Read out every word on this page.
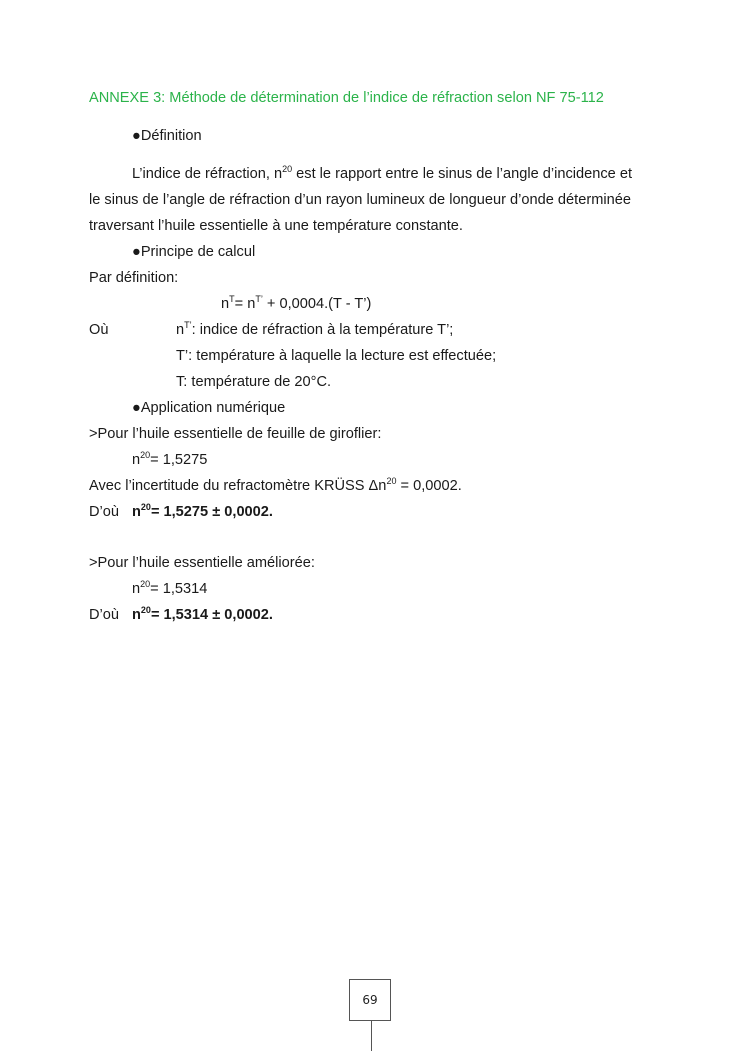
ANNEXE 3: Méthode de détermination de l’indice de réfraction selon NF 75-112
●Définition
L’indice de réfraction, $n^{20}$ est le rapport entre le sinus de l’angle d’incidence et
le sinus de l’angle de réfraction d’un rayon lumineux de longueur d’onde déterminée
traversant l’huile essentielle à une température constante.
●Principe de calcul
Par définition:
$n^T= n^{T’} + 0,0004.(T$ - T’)
Où	$n^{T’}$: indice de réfraction à la température T’;
T’: température à laquelle la lecture est effectuée;
T: température de 20°C.
●Application numérique
>Pour l’huile essentielle de feuille de giroflier:
$n^{20}= 1,5275$
Avec l’incertitude du refractomètre KRÜSS $\Delta n^{20} = 0,0002$.
D’où $n^{20}= 1,5275 \pm 0,0002$.
>Pour l’huile essentielle améliorée:
$n^{20}= 1,5314$
D’où $n^{20}= 1,5314 \pm 0,0002$.
69
